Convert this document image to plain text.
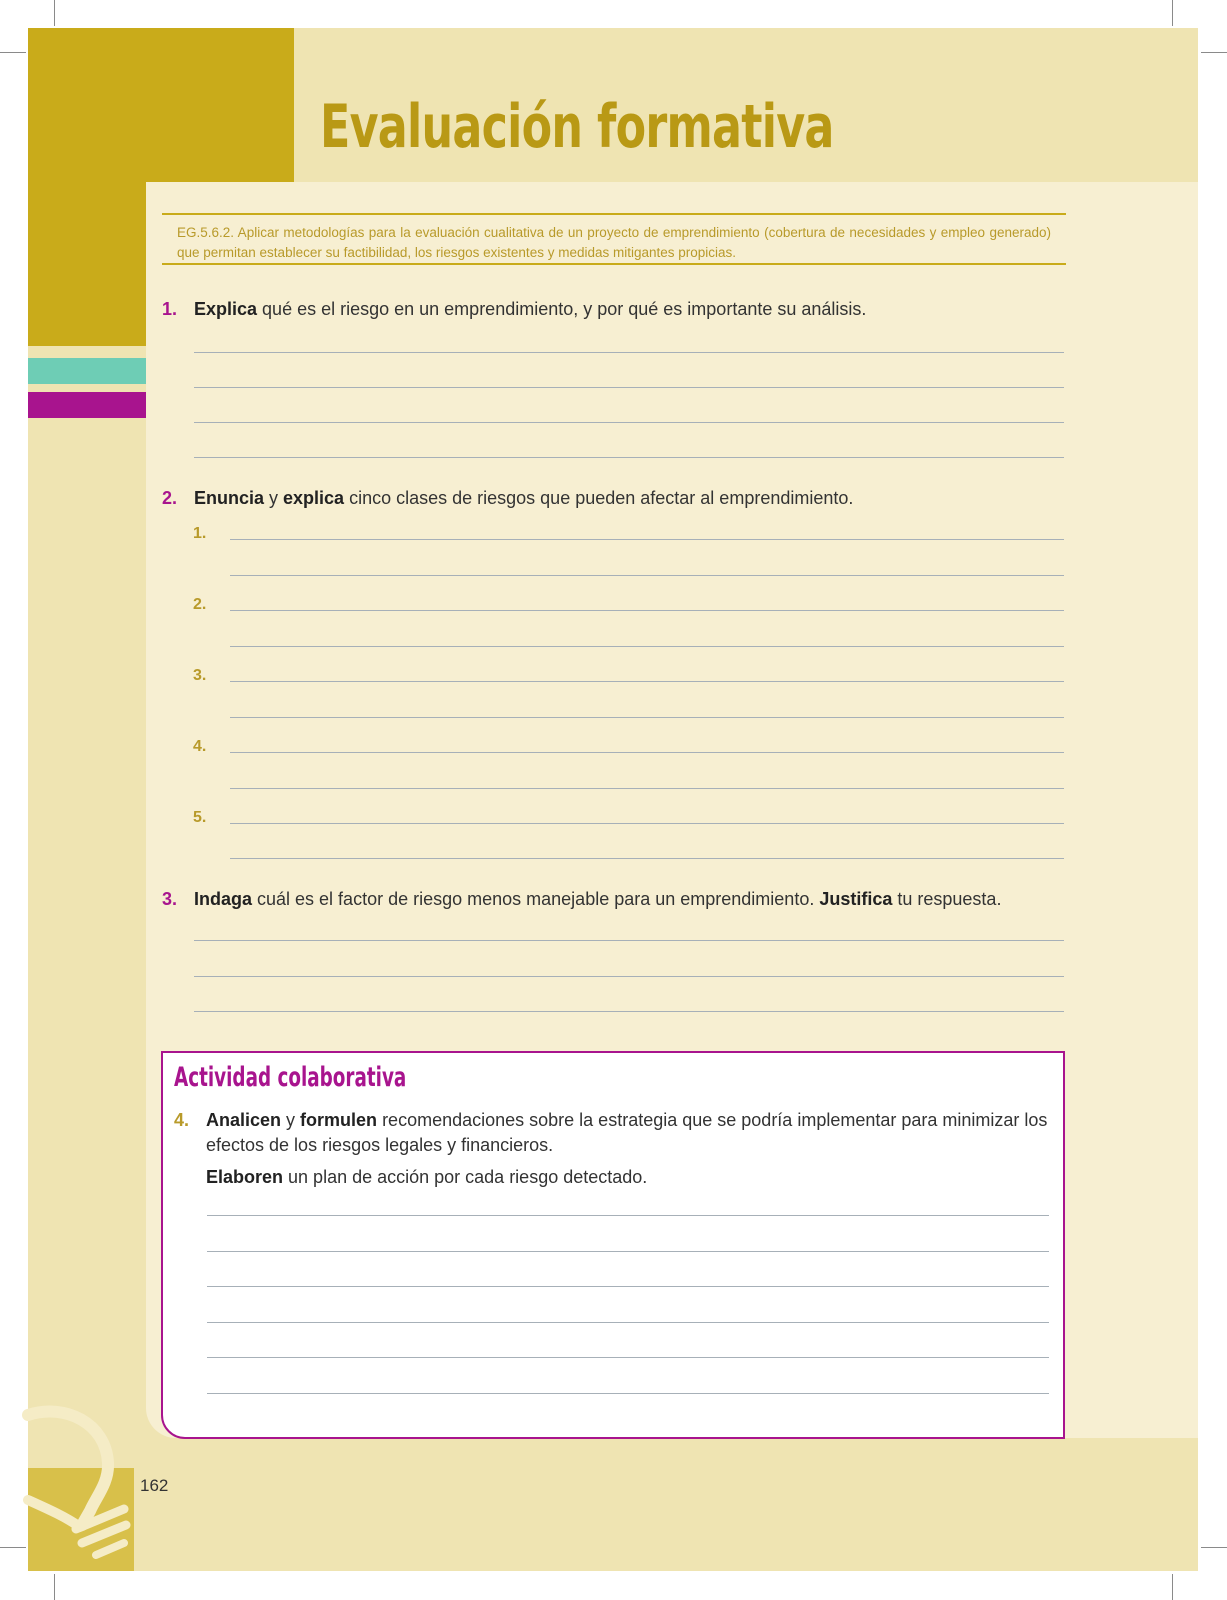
Evaluación formativa
EG.5.6.2. Aplicar metodologías para la evaluación cualitativa de un proyecto de emprendimiento (cobertura de necesidades y empleo generado) que permitan establecer su factibilidad, los riesgos existentes y medidas mitigantes propicias.
1. Explica qué es el riesgo en un emprendimiento, y por qué es importante su análisis.
2. Enuncia y explica cinco clases de riesgos que pueden afectar al emprendimiento.
1.
2.
3.
4.
5.
3. Indaga cuál es el factor de riesgo menos manejable para un emprendimiento. Justifica tu respuesta.
Actividad colaborativa
4. Analicen y formulen recomendaciones sobre la estrategia que se podría implementar para minimizar los efectos de los riesgos legales y financieros.
Elaboren un plan de acción por cada riesgo detectado.
162
